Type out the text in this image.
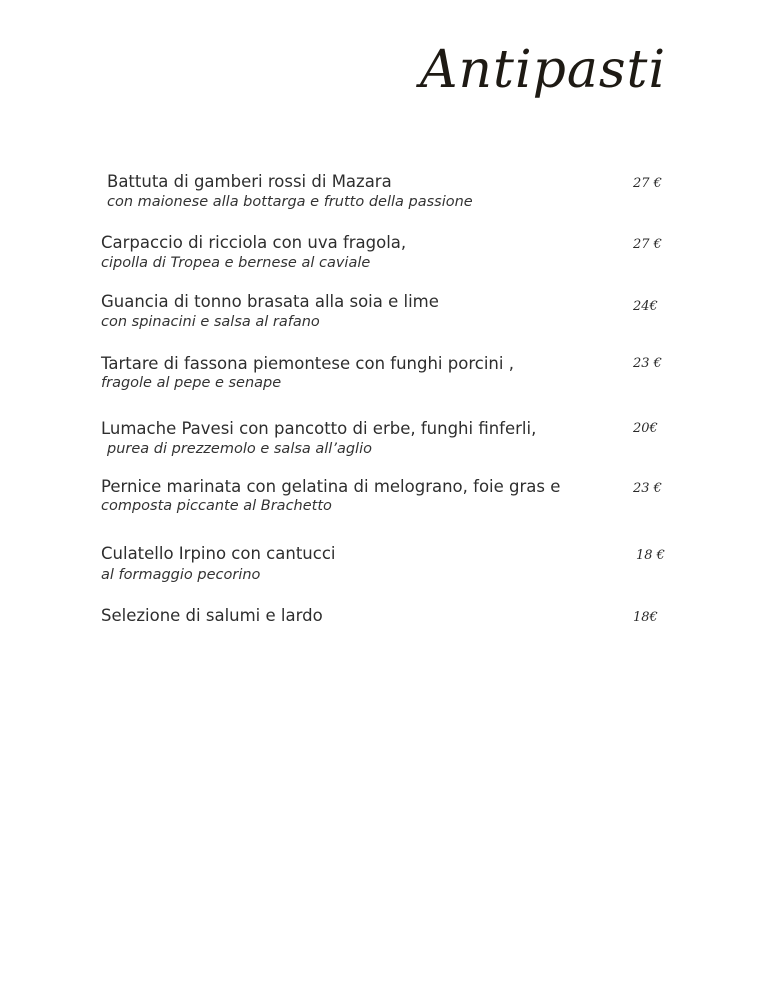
Antipasti
Battuta di gamberi rossi di Mazara
con maionese alla bottarga e frutto della passione
27 €
Carpaccio di ricciola con uva fragola,
cipolla di Tropea e bernese al caviale
27 €
Guancia di tonno brasata alla soia e lime
con spinacini e salsa al rafano
24€
Tartare di fassona piemontese con funghi porcini ,
fragole al pepe e senape
23 €
Lumache Pavesi con pancotto di erbe, funghi finferli,
purea di prezzemolo e salsa all’aglio
20€
Pernice marinata con gelatina di melograno, foie gras e
composta piccante al Brachetto
23 €
Culatello Irpino con cantucci
al formaggio pecorino
18 €
Selezione di salumi e lardo	18€
